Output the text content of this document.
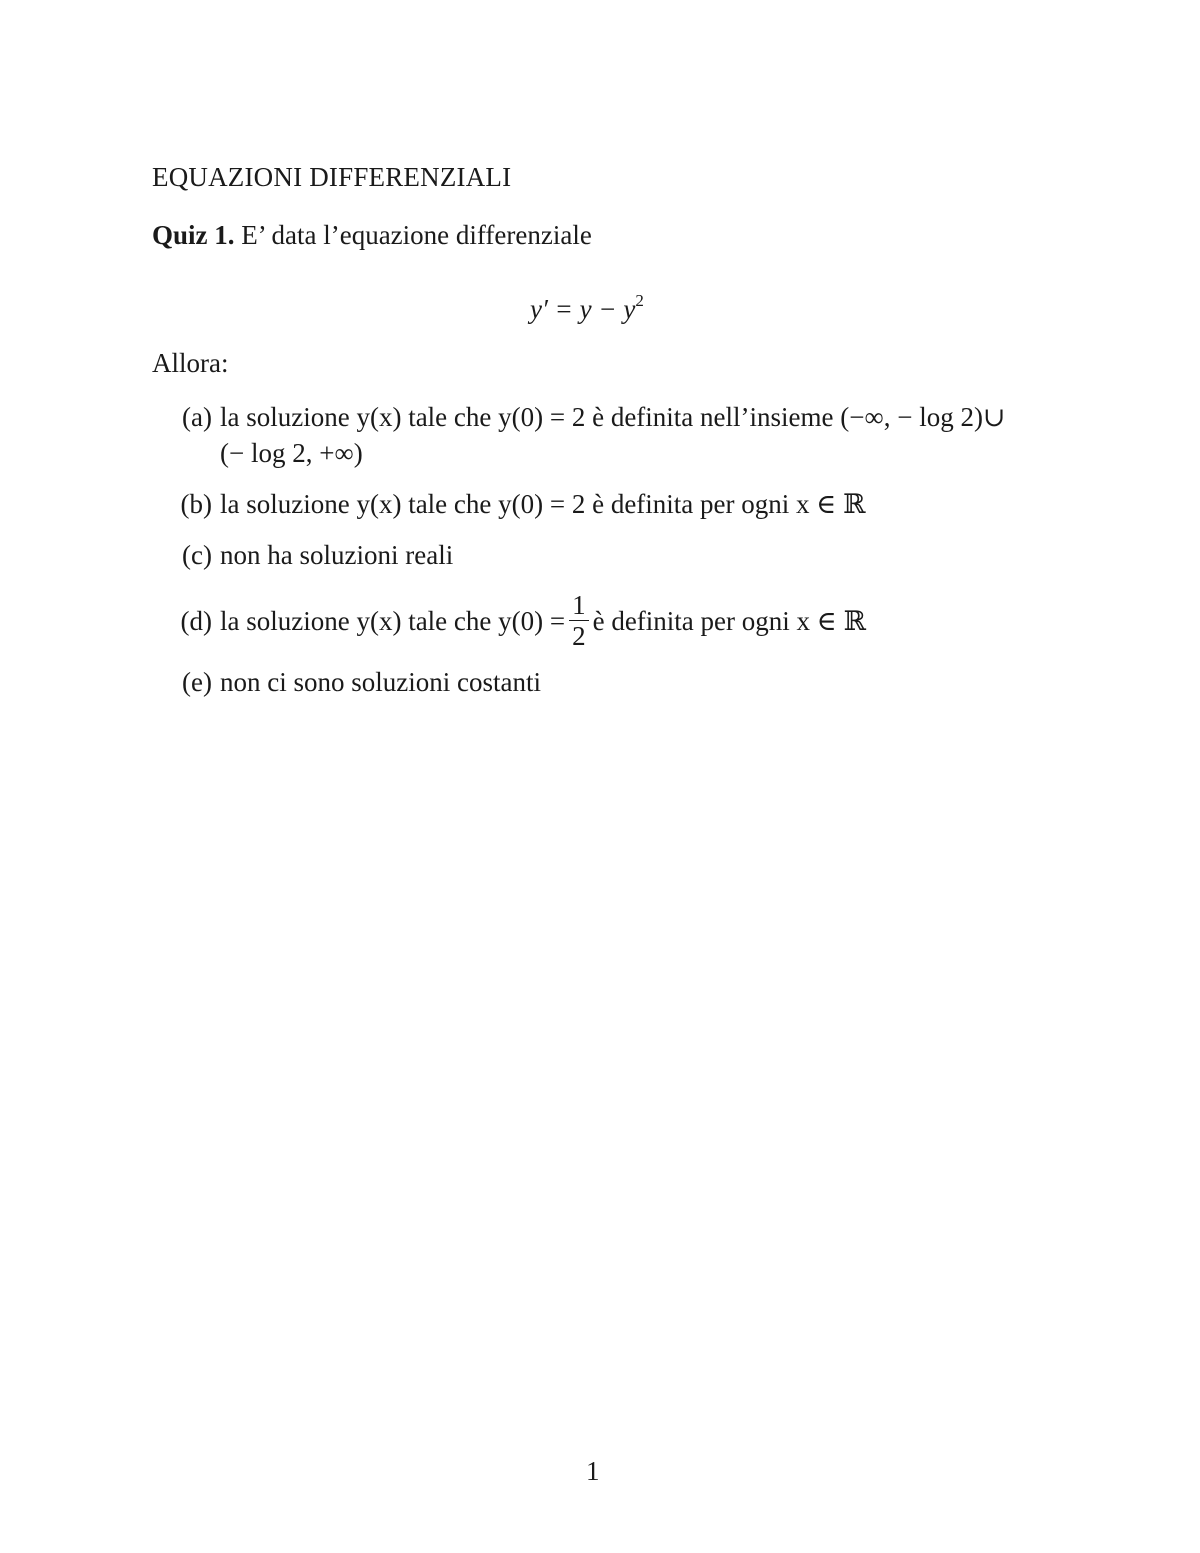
EQUAZIONI DIFFERENZIALI
Quiz 1. E’ data l’equazione differenziale
$y' = y - y^2$
Allora:
(a) la soluzione y(x) tale che y(0) = 2 è definita nell’insieme (−∞, − log 2)∪
(− log 2, +∞)
(b) la soluzione y(x) tale che y(0) = 2 è definita per ogni x ∈ ℝ
(c) non ha soluzioni reali
(d) la soluzione y(x) tale che $y(0) = \frac{1}{2}$ è definita per ogni x ∈ ℝ
(e) non ci sono soluzioni costanti
1
